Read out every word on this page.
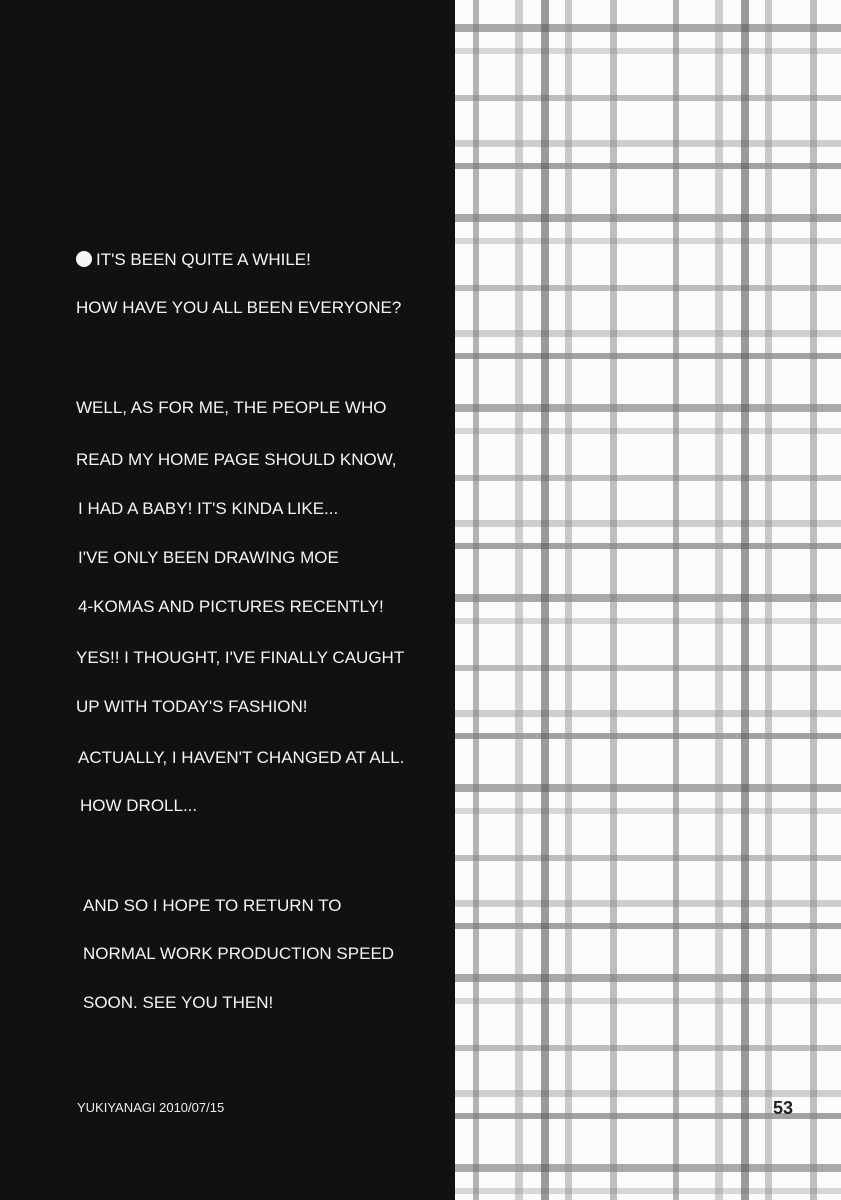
IT'S BEEN QUITE A WHILE!
HOW HAVE YOU ALL BEEN EVERYONE?
WELL, AS FOR ME, THE PEOPLE WHO
READ MY HOME PAGE SHOULD KNOW,
I HAD A BABY! IT'S KINDA LIKE...
I'VE ONLY BEEN DRAWING MOE
4-KOMAS AND PICTURES RECENTLY!
YES!! I THOUGHT, I'VE FINALLY CAUGHT
UP WITH TODAY'S FASHION!
ACTUALLY, I HAVEN'T CHANGED AT ALL.
HOW DROLL...
AND SO I HOPE TO RETURN TO
NORMAL WORK PRODUCTION SPEED
SOON. SEE YOU THEN!
YUKIYANAGI 2010/07/15	53
